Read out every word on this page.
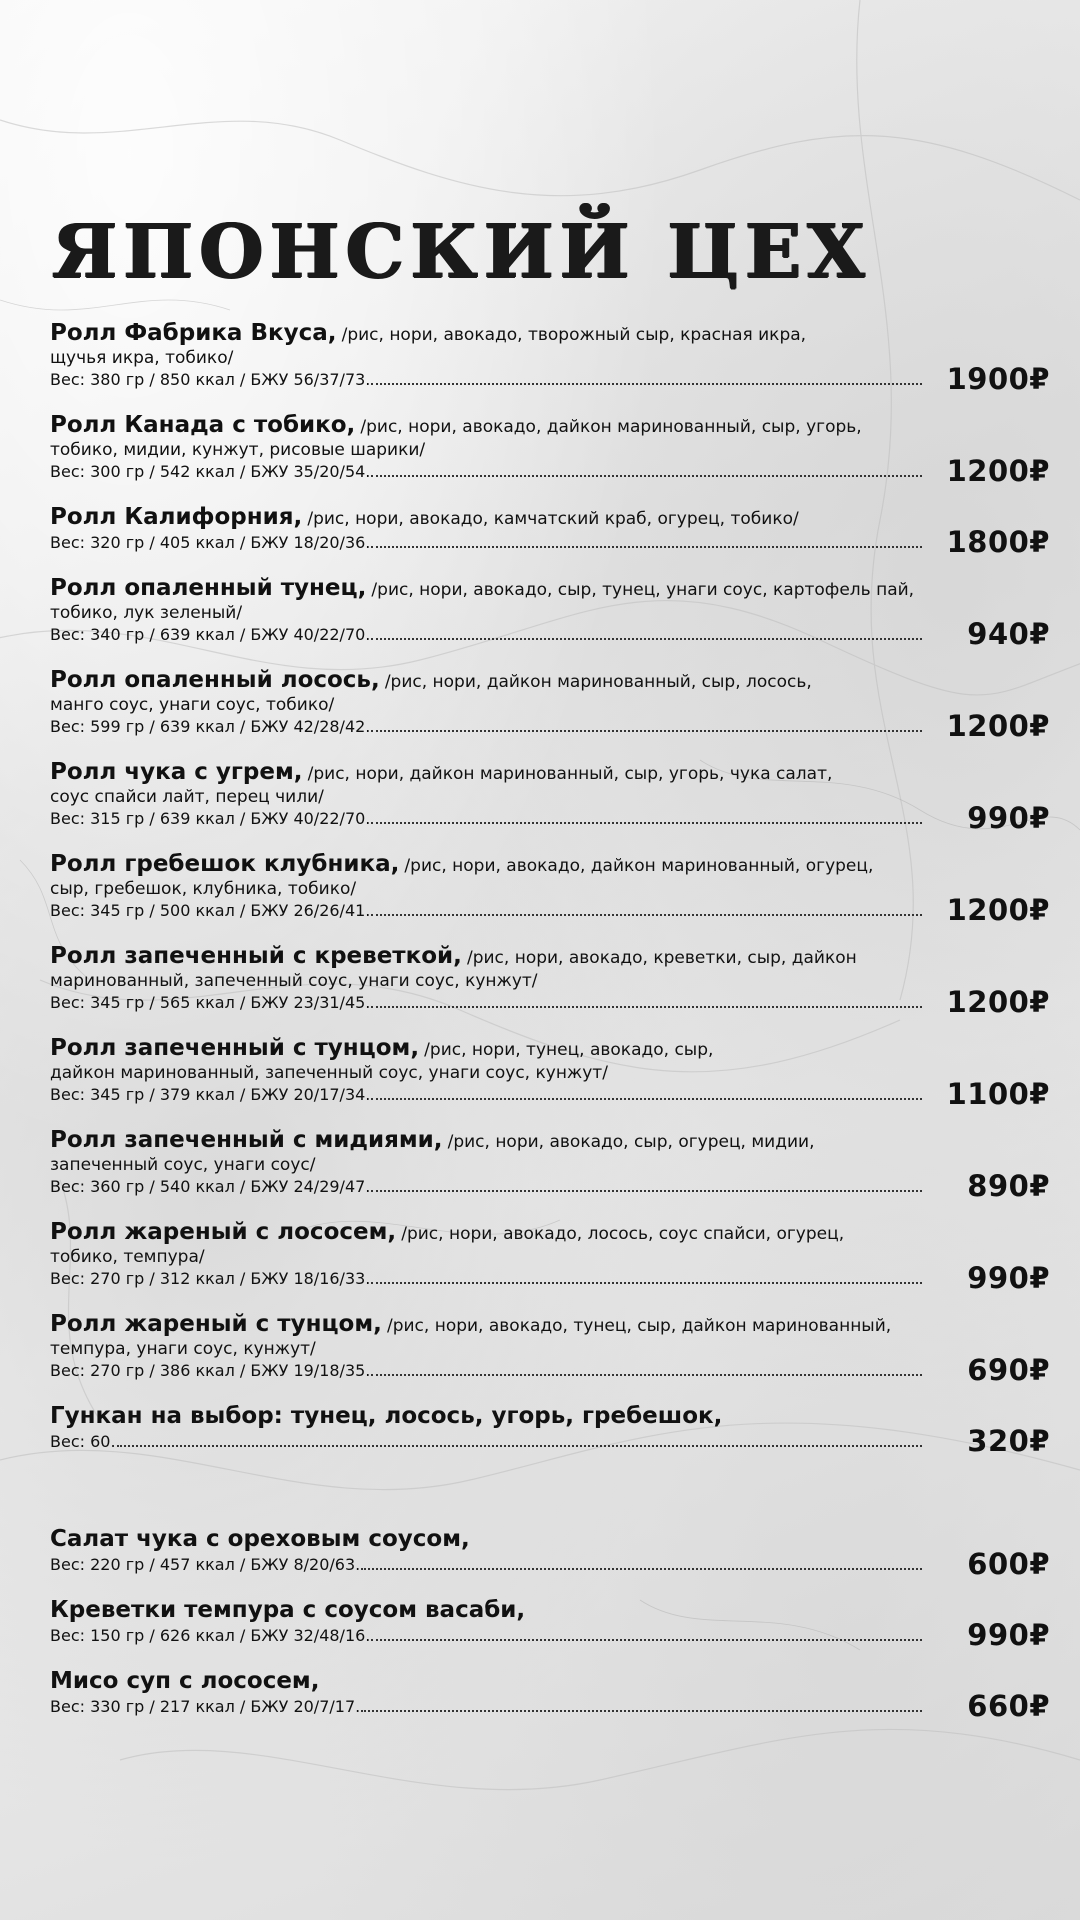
ЯПОНСКИЙ ЦЕХ
Ролл Фабрика Вкуса, /рис, нори, авокадо, творожный сыр, красная икра,
щучья икра, тобико/
Вес: 380 гр / 850 ккал / БЖУ 56/37/73.	1900₽
Ролл Канада с тобико, /рис, нори, авокадо, дайкон маринованный, сыр, угорь,
тобико, мидии, кунжут, рисовые шарики/
Вес: 300 гр / 542 ккал / БЖУ 35/20/54.	1200₽
Ролл Калифорния, /рис, нори, авокадо, камчатский краб, огурец, тобико/
Вес: 320 гр / 405 ккал / БЖУ 18/20/36.	1800₽
Ролл опаленный тунец, /рис, нори, авокадо, сыр, тунец, унаги соус, картофель пай,
тобико, лук зеленый/
Вес: 340 гр / 639 ккал / БЖУ 40/22/70.	940₽
Ролл опаленный лосось, /рис, нори, дайкон маринованный, сыр, лосось,
манго соус, унаги соус, тобико/
Вес: 599 гр / 639 ккал / БЖУ 42/28/42.	1200₽
Ролл чука с угрем, /рис, нори, дайкон маринованный, сыр, угорь, чука салат,
соус спайси лайт, перец чили/
Вес: 315 гр / 639 ккал / БЖУ 40/22/70.	990₽
Ролл гребешок клубника, /рис, нори, авокадо, дайкон маринованный, огурец,
сыр, гребешок, клубника, тобико/
Вес: 345 гр / 500 ккал / БЖУ 26/26/41.	1200₽
Ролл запеченный с креветкой, /рис, нори, авокадо, креветки, сыр, дайкон
маринованный, запеченный соус, унаги соус, кунжут/
Вес: 345 гр / 565 ккал / БЖУ 23/31/45.	1200₽
Ролл запеченный с тунцом, /рис, нори, тунец, авокадо, сыр,
дайкон маринованный, запеченный соус, унаги соус, кунжут/
Вес: 345 гр / 379 ккал / БЖУ 20/17/34.	1100₽
Ролл запеченный с мидиями, /рис, нори, авокадо, сыр, огурец, мидии,
запеченный соус, унаги соус/
Вес: 360 гр / 540 ккал / БЖУ 24/29/47.	890₽
Ролл жареный с лососем, /рис, нори, авокадо, лосось, соус спайси, огурец,
тобико, темпура/
Вес: 270 гр / 312 ккал / БЖУ 18/16/33.	990₽
Ролл жареный с тунцом, /рис, нори, авокадо, тунец, сыр, дайкон маринованный,
темпура, унаги соус, кунжут/
Вес: 270 гр / 386 ккал / БЖУ 19/18/35.	690₽
Гункан на выбор: тунец, лосось, угорь, гребешок,
Вес: 60.	320₽
Салат чука с ореховым соусом,
Вес: 220 гр / 457 ккал / БЖУ 8/20/63.	600₽
Креветки темпура с соусом васаби,
Вес: 150 гр / 626 ккал / БЖУ 32/48/16.	990₽
Мисо суп с лососем,
Вес: 330 гр / 217 ккал / БЖУ 20/7/17.	660₽
